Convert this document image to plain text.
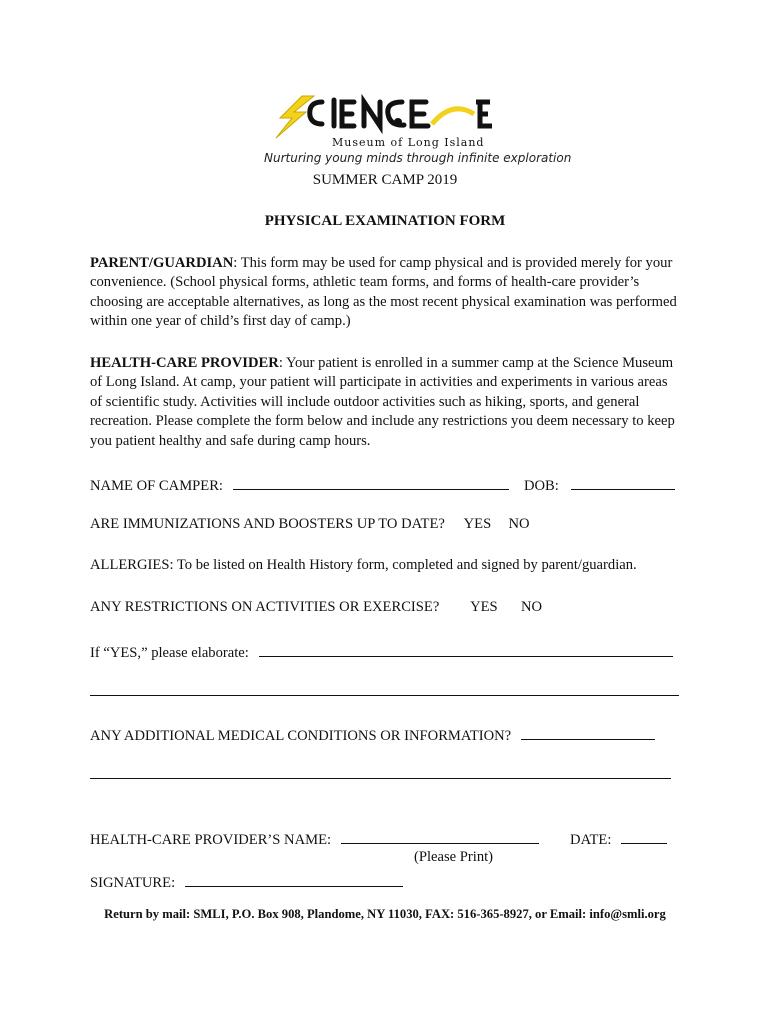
Museum of Long Island
Nurturing young minds through infinite exploration
SUMMER CAMP 2019
PHYSICAL EXAMINATION FORM
PARENT/GUARDIAN: This form may be used for camp physical and is provided merely for your convenience. (School physical forms, athletic team forms, and forms of health-care provider’s choosing are acceptable alternatives, as long as the most recent physical examination was performed within one year of child’s first day of camp.)
HEALTH-CARE PROVIDER: Your patient is enrolled in a summer camp at the Science Museum of Long Island. At camp, your patient will participate in activities and experiments in various areas of scientific study. Activities will include outdoor activities such as hiking, sports, and general recreation. Please complete the form below and include any restrictions you deem necessary to keep you patient healthy and safe during camp hours.
NAME OF CAMPER:	DOB:
ARE IMMUNIZATIONS AND BOOSTERS UP TO DATE? YES NO
ALLERGIES: To be listed on Health History form, completed and signed by parent/guardian.
ANY RESTRICTIONS ON ACTIVITIES OR EXERCISE? YES NO
If “YES,” please elaborate:
ANY ADDITIONAL MEDICAL CONDITIONS OR INFORMATION?
HEALTH-CARE PROVIDER’S NAME:	DATE:
(Please Print)
SIGNATURE:
Return by mail: SMLI, P.O. Box 908, Plandome, NY 11030, FAX: 516-365-8927, or Email: info@smli.org
